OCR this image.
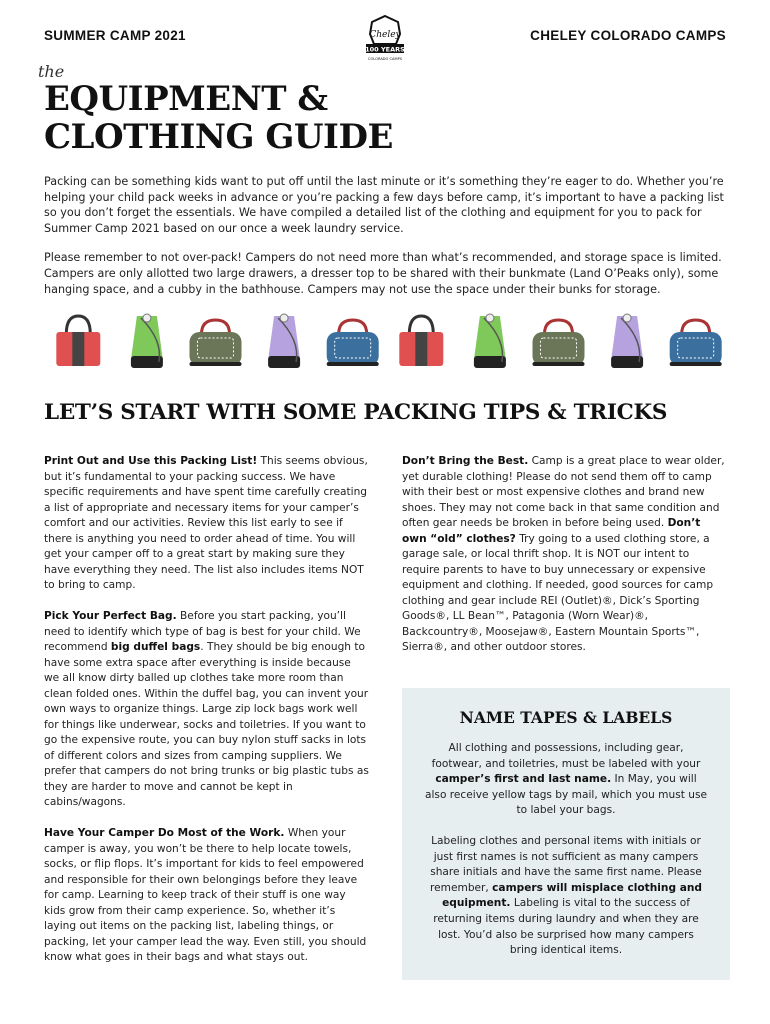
SUMMER CAMP 2021	Cheley
100 YEARS
COLORADO CAMPS
CHELEY COLORADO CAMPS
the
EQUIPMENT &
CLOTHING GUIDE

Packing can be something kids want to put off until the last minute or it’s something they’re eager to do. Whether you’re helping your child pack weeks in advance or you’re packing a few days before camp, it’s important to have a packing list so you don’t forget the essentials. We have compiled a detailed list of the clothing and equipment for you to pack for Summer Camp 2021 based on our once a week laundry service.

Please remember to not over-pack! Campers do not need more than what’s recommended, and storage space is limited. Campers are only allotted two large drawers, a dresser top to be shared with their bunkmate (Land O’Peaks only), some hanging space, and a cubby in the bathhouse. Campers may not use the space under their bunks for storage.

LET’S START WITH SOME PACKING TIPS & TRICKS

Print Out and Use this Packing List! This seems obvious, but it’s fundamental to your packing success. We have specific requirements and have spent time carefully creating a list of appropriate and necessary items for your camper’s comfort and our activities. Review this list early to see if there is anything you need to order ahead of time. You will get your camper off to a great start by making sure they have everything they need. The list also includes items NOT to bring to camp.

Pick Your Perfect Bag. Before you start packing, you’ll need to identify which type of bag is best for your child. We recommend big duffel bags. They should be big enough to have some extra space after everything is inside because we all know dirty balled up clothes take more room than clean folded ones. Within the duffel bag, you can invent your own ways to organize things. Large zip lock bags work well for things like underwear, socks and toiletries. If you want to go the expensive route, you can buy nylon stuff sacks in lots of different colors and sizes from camping suppliers. We prefer that campers do not bring trunks or big plastic tubs as they are harder to move and cannot be kept in cabins/wagons.

Have Your Camper Do Most of the Work. When your camper is away, you won’t be there to help locate towels, socks, or flip flops. It’s important for kids to feel empowered and responsible for their own belongings before they leave for camp. Learning to keep track of their stuff is one way kids grow from their camp experience. So, whether it’s laying out items on the packing list, labeling things, or packing, let your camper lead the way. Even still, you should know what goes in their bags and what stays out.

Don’t Bring the Best. Camp is a great place to wear older, yet durable clothing! Please do not send them off to camp with their best or most expensive clothes and brand new shoes. They may not come back in that same condition and often gear needs be broken in before being used. Don’t own “old” clothes? Try going to a used clothing store, a garage sale, or local thrift shop. It is NOT our intent to require parents to have to buy unnecessary or expensive equipment and clothing. If needed, good sources for camp clothing and gear include REI (Outlet)®, Dick’s Sporting Goods®, LL Bean™, Patagonia (Worn Wear)®, Backcountry®, Moosejaw®, Eastern Mountain Sports™, Sierra®, and other outdoor stores.

NAME TAPES & LABELS

All clothing and possessions, including gear, footwear, and toiletries, must be labeled with your camper’s first and last name. In May, you will also receive yellow tags by mail, which you must use to label your bags.

Labeling clothes and personal items with initials or just first names is not sufficient as many campers share initials and have the same first name. Please remember, campers will misplace clothing and equipment. Labeling is vital to the success of returning items during laundry and when they are lost. You’d also be surprised how many campers bring identical items.
